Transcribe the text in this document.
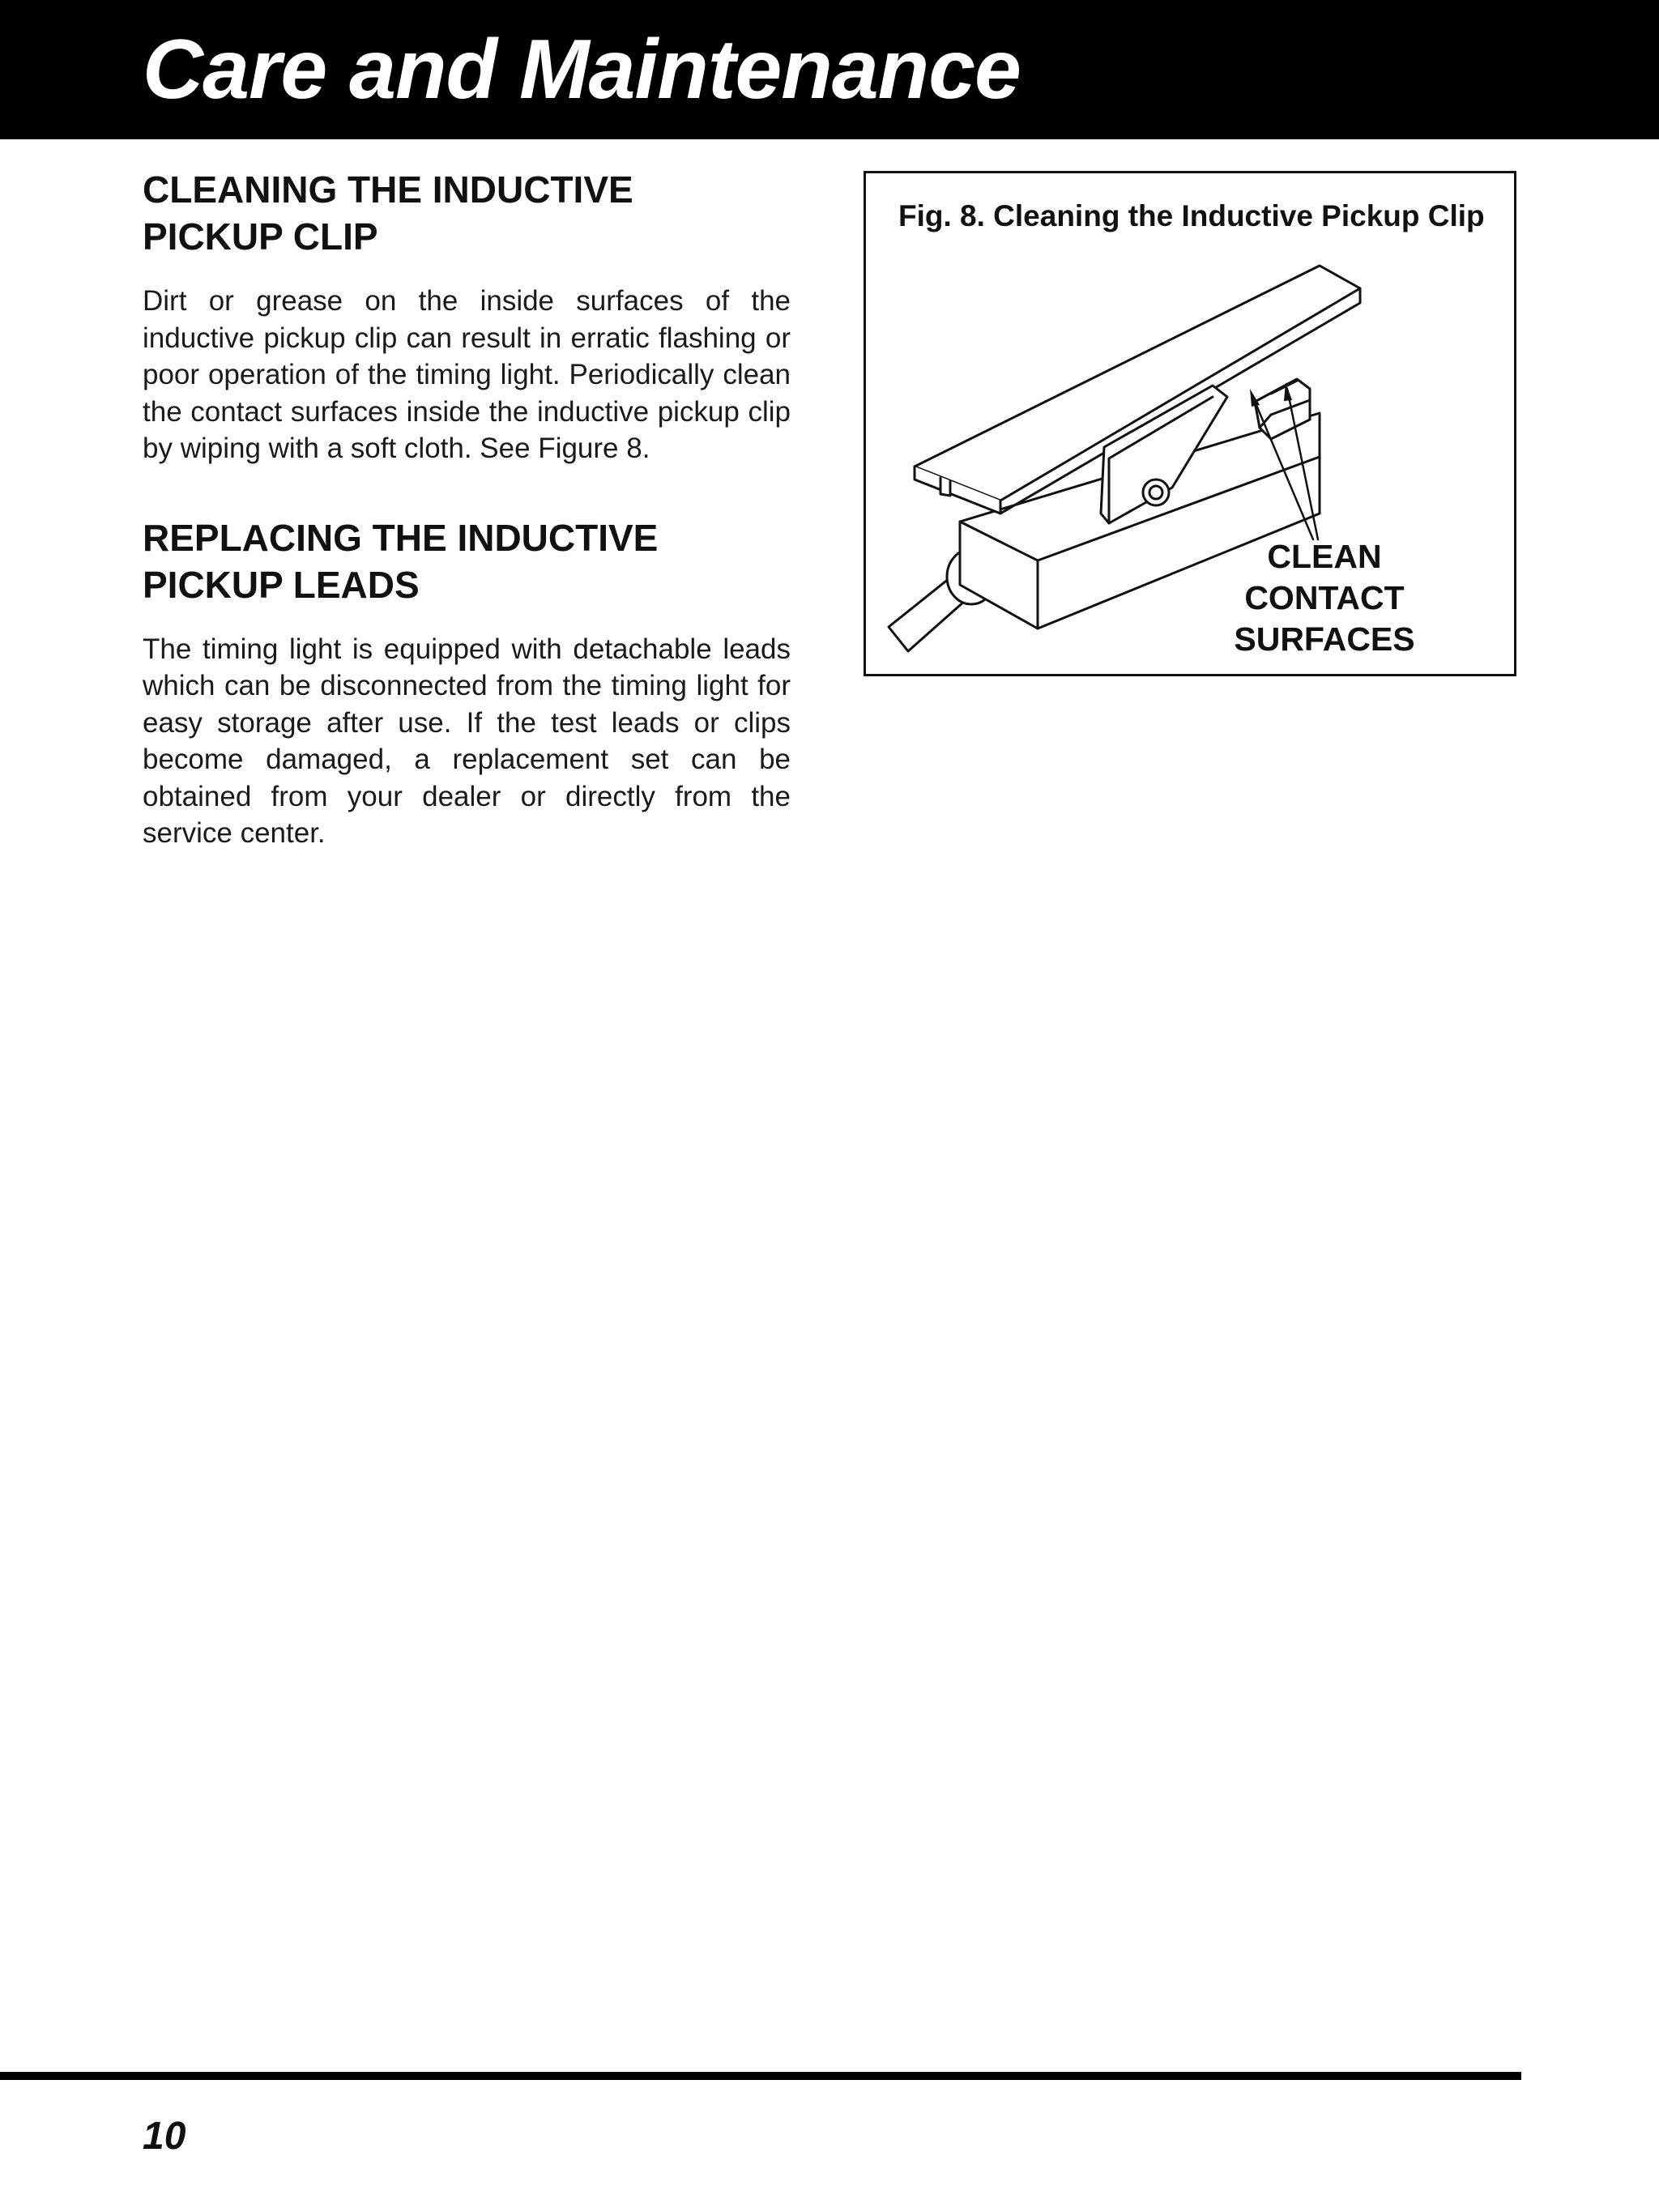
Care and Maintenance
CLEANING THE INDUCTIVE PICKUP CLIP

Dirt or grease on the inside surfaces of the inductive pickup clip can result in erratic flashing or poor operation of the timing light. Periodically clean the contact surfaces inside the inductive pickup clip by wiping with a soft cloth. See Figure 8.

REPLACING THE INDUCTIVE PICKUP LEADS

The timing light is equipped with detachable leads which can be disconnected from the timing light for easy storage after use. If the test leads or clips become damaged, a replacement set can be obtained from your dealer or directly from the service center.

Fig. 8. Cleaning the Inductive Pickup Clip

CLEAN
CONTACT
SURFACES

10
